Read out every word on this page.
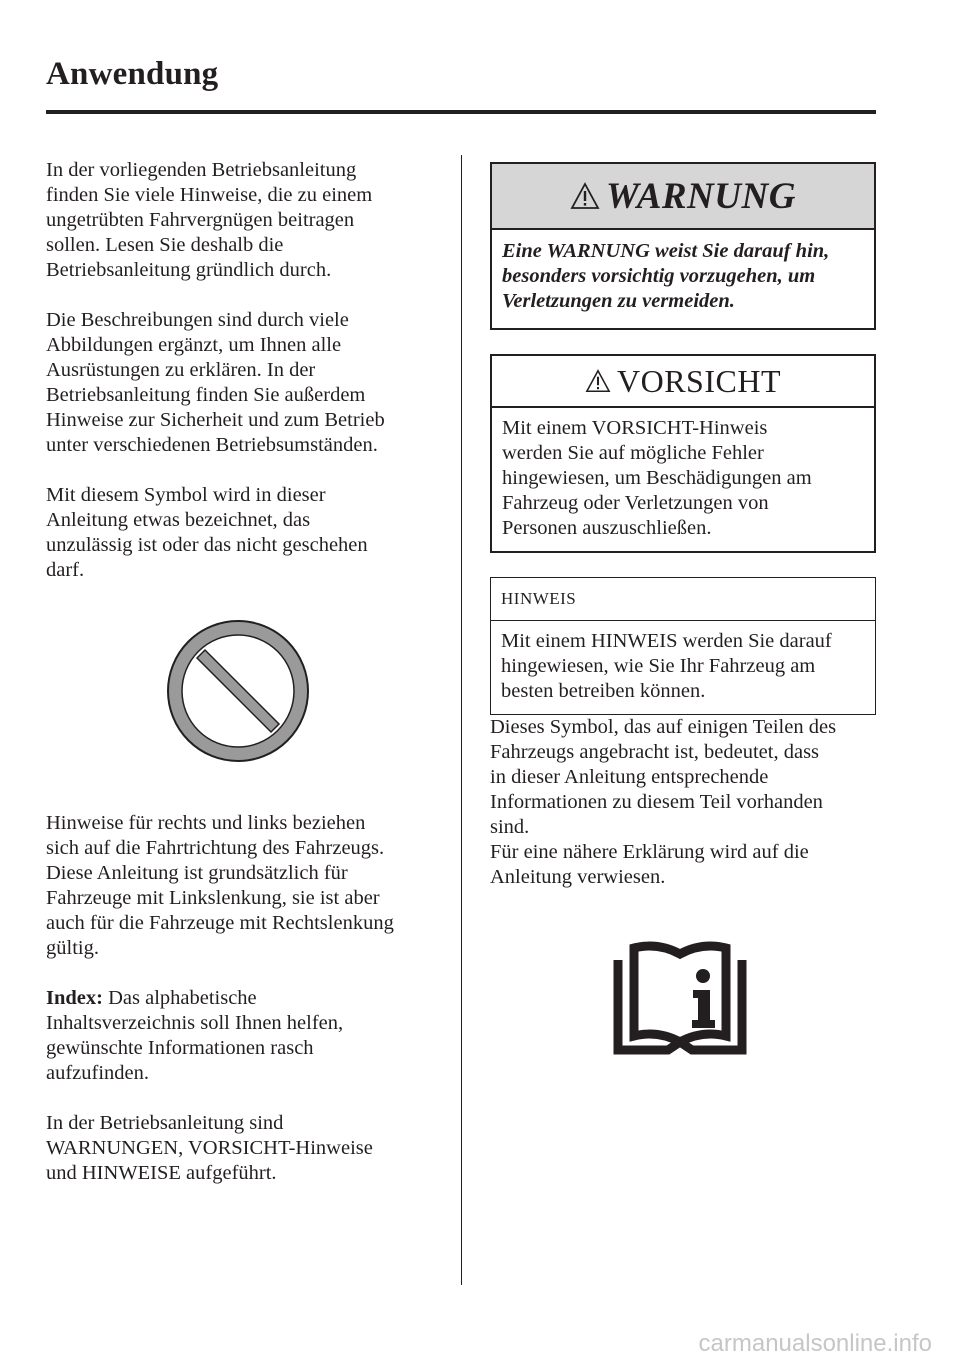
Anwendung

In der vorliegenden Betriebsanleitung
finden Sie viele Hinweise, die zu einem
ungetrübten Fahrvergnügen beitragen
sollen. Lesen Sie deshalb die
Betriebsanleitung gründlich durch.

Die Beschreibungen sind durch viele
Abbildungen ergänzt, um Ihnen alle
Ausrüstungen zu erklären. In der
Betriebsanleitung finden Sie außerdem
Hinweise zur Sicherheit und zum Betrieb
unter verschiedenen Betriebsumständen.

Mit diesem Symbol wird in dieser
Anleitung etwas bezeichnet, das
unzulässig ist oder das nicht geschehen
darf.

Hinweise für rechts und links beziehen
sich auf die Fahrtrichtung des Fahrzeugs.
Diese Anleitung ist grundsätzlich für
Fahrzeuge mit Linkslenkung, sie ist aber
auch für die Fahrzeuge mit Rechtslenkung
gültig.

Index: Das alphabetische
Inhaltsverzeichnis soll Ihnen helfen,
gewünschte Informationen rasch
aufzufinden.

In der Betriebsanleitung sind
WARNUNGEN, VORSICHT-Hinweise
und HINWEISE aufgeführt.

WARNUNG
Eine WARNUNG weist Sie darauf hin,
besonders vorsichtig vorzugehen, um
Verletzungen zu vermeiden.
VORSICHT
Mit einem VORSICHT-Hinweis
werden Sie auf mögliche Fehler
hingewiesen, um Beschädigungen am
Fahrzeug oder Verletzungen von
Personen auszuschließen.
HINWEIS
Mit einem HINWEIS werden Sie darauf
hingewiesen, wie Sie Ihr Fahrzeug am
besten betreiben können.

Dieses Symbol, das auf einigen Teilen des
Fahrzeugs angebracht ist, bedeutet, dass
in dieser Anleitung entsprechende
Informationen zu diesem Teil vorhanden
sind.
Für eine nähere Erklärung wird auf die
Anleitung verwiesen.

carmanualsonline.info
